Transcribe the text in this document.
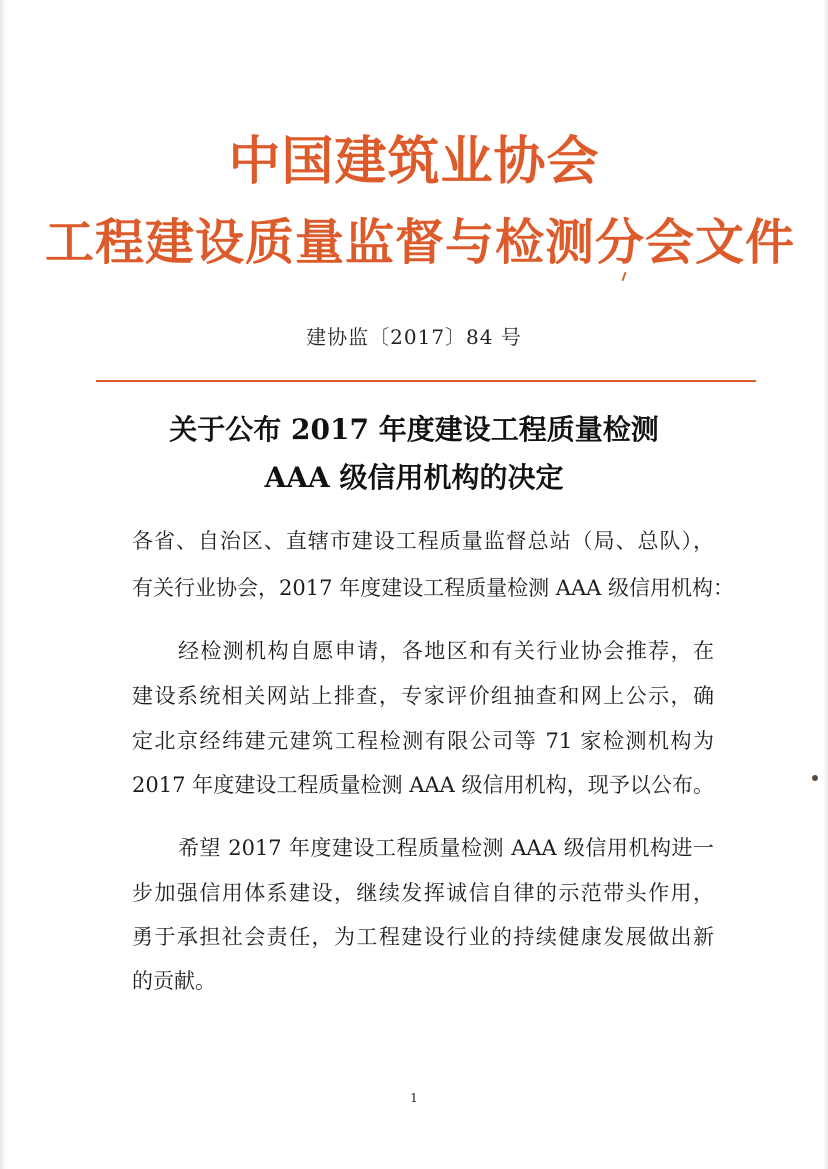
中国建筑业协会
工程建设质量监督与检测分会文件
建协监〔2017〕84 号
关于公布 2017 年度建设工程质量检测
AAA 级信用机构的决定
各省、自治区、直辖市建设工程质量监督总站（局、总队），
有关行业协会，2017 年度建设工程质量检测 AAA 级信用机构：
经检测机构自愿申请，各地区和有关行业协会推荐，在
建设系统相关网站上排查，专家评价组抽查和网上公示，确
定北京经纬建元建筑工程检测有限公司等 71 家检测机构为
2017 年度建设工程质量检测 AAA 级信用机构，现予以公布。
希望 2017 年度建设工程质量检测 AAA 级信用机构进一
步加强信用体系建设，继续发挥诚信自律的示范带头作用，
勇于承担社会责任，为工程建设行业的持续健康发展做出新
的贡献。
1
